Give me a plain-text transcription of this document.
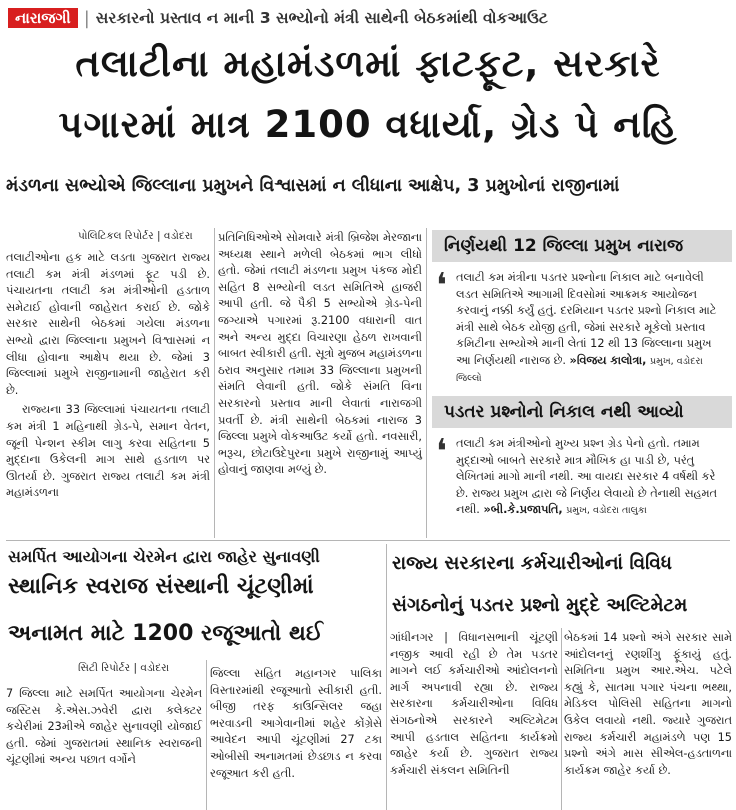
નારાજગી | સરકારનો પ્રસ્તાવ ન માની 3 સભ્યોનો મંત્રી સાથેની બેઠકમાંથી વોકઆઉટ
તલાટીના મહામંડળમાં ફાટફૂટ, સરકારે
પગારમાં માત્ર 2100 વધાર્યા, ગ્રેડ પે નહિ
મંડળના સભ્યોએ જિલ્લાના પ્રમુખને વિશ્વાસમાં ન લીધાના આક્ષેપ, 3 પ્રમુખોનાં રાજીનામાં
પોલિટિકલ રિપોર્ટર | વડોદરા

તલાટીઓના હક માટે લડતા ગુજરાત રાજ્ય તલાટી કમ મંત્રી મંડળમાં ફૂટ પડી છે. પંચાયતના તલાટી કમ મંત્રીઓની હડતાળ સમેટાઈ હોવાની જાહેરાત કરાઈ છે. જોકે સરકાર સાથેની બેઠકમાં ગયેલા મંડળના સભ્યો દ્વારા જિલ્લાના પ્રમુખને વિશ્વાસમાં ન લીધા હોવાના આક્ષેપ થયા છે. જેમાં 3 જિલ્લામાં પ્રમુખે રાજીનામાની જાહેરાત કરી છે.

રાજ્યના 33 જિલ્લામાં પંચાયતના તલાટી કમ મંત્રી 1 મહિનાથી ગ્રેડ-પે, સમાન વેતન, જૂની પેન્શન સ્કીમ લાગુ કરવા સહિતના 5 મુદ્દાના ઉકેલની માગ સાથે હડતાળ પર ઊતર્યા છે. ગુજરાત રાજ્ય તલાટી કમ મંત્રી મહામંડળના

પ્રતિનિધિઓએ સોમવારે મંત્રી બ્રિજેશ મેરજાના અધ્યક્ષ સ્થાને મળેલી બેઠકમાં ભાગ લીધો હતો. જેમાં તલાટી મંડળના પ્રમુખ પંકજ મોદી સહિત 8 સભ્યોની લડત સમિતિએ હાજરી આપી હતી. જે પૈકી 5 સભ્યોએ ગ્રેડ-પેની જગ્યાએ પગારમાં રૂ.2100 વધારાની વાત અને અન્ય મુદ્દા વિચારણા હેઠળ રાખવાની બાબત સ્વીકારી હતી. સૂત્રો મુજબ મહામંડળના ઠરાવ અનુસાર તમામ 33 જિલ્લાના પ્રમુખની સંમતિ લેવાની હતી. જોકે સંમતિ વિના સરકારનો પ્રસ્તાવ માની લેવાતાં નારાજગી પ્રવર્તી છે. મંત્રી સાથેની બેઠકમાં નારાજ 3 જિલ્લા પ્રમુખે વોકઆઉટ કર્યો હતો. નવસારી, ભરૂચ, છોટાઉદેપુરના પ્રમુખે રાજીનામું આપ્યું હોવાનું જાણવા મળ્યું છે.

નિર્ણયથી 12 જિલ્લા પ્રમુખ નારાજ
❛ તલાટી કમ મંત્રીના પડતર પ્રશ્નોના નિકાલ માટે બનાવેલી લડત સમિતિએ આગામી દિવસોમાં આક્રમક આયોજન કરવાનું નક્કી કર્યું હતું. દરમિયાન પડતર પ્રશ્નો નિકાલ માટે મંત્રી સાથે બેઠક યોજી હતી, જેમાં સરકારે મૂકેલો પ્રસ્તાવ કમિટીના સભ્યોએ માની લેતાં 12 થી 13 જિલ્લાના પ્રમુખ આ નિર્ણયથી નારાજ છે. »વિજય કાલોત્રા, પ્રમુખ, વડોદરા જિલ્લો
પડતર પ્રશ્નોનો નિકાલ નથી આવ્યો
❛ તલાટી કમ મંત્રીઓનો મુખ્ય પ્રશ્ન ગ્રેડ પેનો હતો. તમામ મુદ્દાઓ બાબતે સરકારે માત્ર મૌખિક હા પાડી છે, પરંતુ લેખિતમાં માગો માની નથી. આ વાયદા સરકાર 4 વર્ષથી કરે છે. રાજ્ય પ્રમુખ દ્વારા જે નિર્ણય લેવાયો છે તેનાથી સહમત નથી. »બી.કે.પ્રજાપતિ, પ્રમુખ, વડોદરા તાલુકા
સમર્પિત આયોગના ચેરમેન દ્વારા જાહેર સુનાવણી
સ્થાનિક સ્વરાજ સંસ્થાની ચૂંટણીમાં
અનામત માટે 1200 રજૂઆતો થઈ
સિટી રિપોર્ટર | વડોદરા
7 જિલ્લા માટે સમર્પિત આયોગના ચેરમેન જસ્ટિસ કે.એસ.ઝવેરી દ્વારા કલેક્ટર કચેરીમાં 23મીએ જાહેર સુનાવણી યોજાઈ હતી. જેમાં ગુજરાતમાં સ્થાનિક સ્વરાજની ચૂંટણીમાં અન્ય પછાત વર્ગોને
જિલ્લા સહિત મહાનગર પાલિકા વિસ્તારમાંથી રજૂઆતો સ્વીકારી હતી. બીજી તરફ કાઉન્સિલર જહા ભરવાડની આગેવાનીમાં શહેર કોંગ્રેસે આવેદન આપી ચૂંટણીમાં 27 ટકા ઓબીસી અનામતમાં છેડછાડ ન કરવા રજૂઆત કરી હતી.
રાજ્ય સરકારના કર્મચારીઓનાં વિવિધ
સંગઠનોનું પડતર પ્રશ્નો મુદ્દે અલ્ટિમેટમ
ગાંધીનગર | વિધાનસભાની ચૂંટણી નજીક આવી રહી છે તેમ પડતર માગને લઈ કર્મચારીઓ આંદોલનનો માર્ગ અપનાવી રહ્યા છે. રાજ્ય સરકારના કર્મચારીઓના વિવિધ સંગઠનોએ સરકારને અલ્ટિમેટમ આપી હડતાલ સહિતના કાર્યક્રમો જાહેર કર્યા છે. ગુજરાત રાજ્ય કર્મચારી સંકલન સમિતિની
બેઠકમાં 14 પ્રશ્નો અંગે સરકાર સામે આંદોલનનું રણશીંગુ ફૂંકાયું હતું. સમિતિના પ્રમુખ આર.એચ. પટેલે કહ્યું કે, સાતમા પગાર પંચના ભથ્થા, મેડિકલ પોલિસી સહિતના માગનો ઉકેલ લવાયો નથી. જ્યારે ગુજરાત રાજ્ય કર્મચારી મહામંડળે પણ 15 પ્રશ્નો અંગે માસ સીએલ-હડતાળના કાર્યક્રમ જાહેર કર્યા છે.
